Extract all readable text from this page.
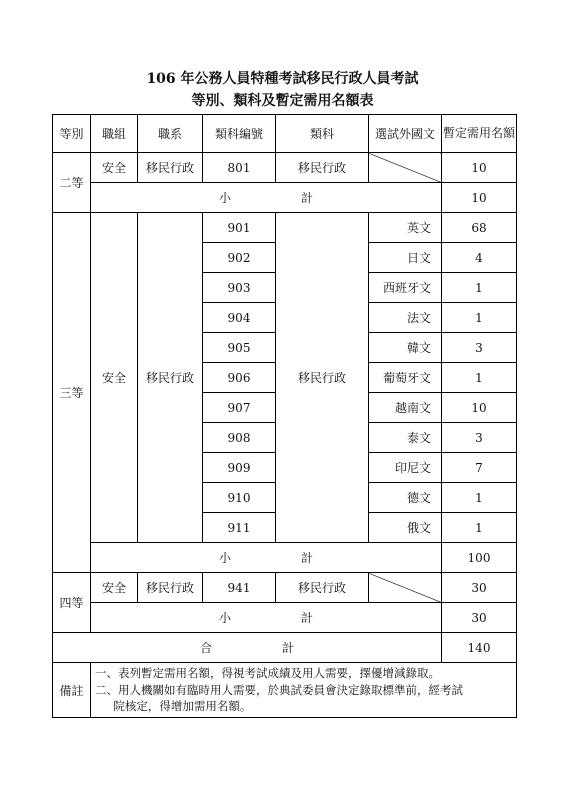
106 年公務人員特種考試移民行政人員考試
等別、類科及暫定需用名額表
等別	職組	職系	類科編號	類科	選試外國文	暫定需用名額
二等	安全	移民行政	801	移民行政		10
	小 計					10
三等	安全	移民行政	901	移民行政	英文	68
			902		日文	4
			903		西班牙文	1
			904		法文	1
			905		韓文	3
			906		葡萄牙文	1
			907		越南文	10
			908		泰文	3
			909		印尼文	7
			910		德文	1
			911		俄文	1
	小 計					100
四等	安全	移民行政	941	移民行政		30
	小 計					30
合 計						140
備註	一、表列暫定需用名額，得視考試成績及用人需要，擇優增減錄取。
二、用人機關如有臨時用人需要，於典試委員會決定錄取標準前，經考試
院核定，得增加需用名額。					
